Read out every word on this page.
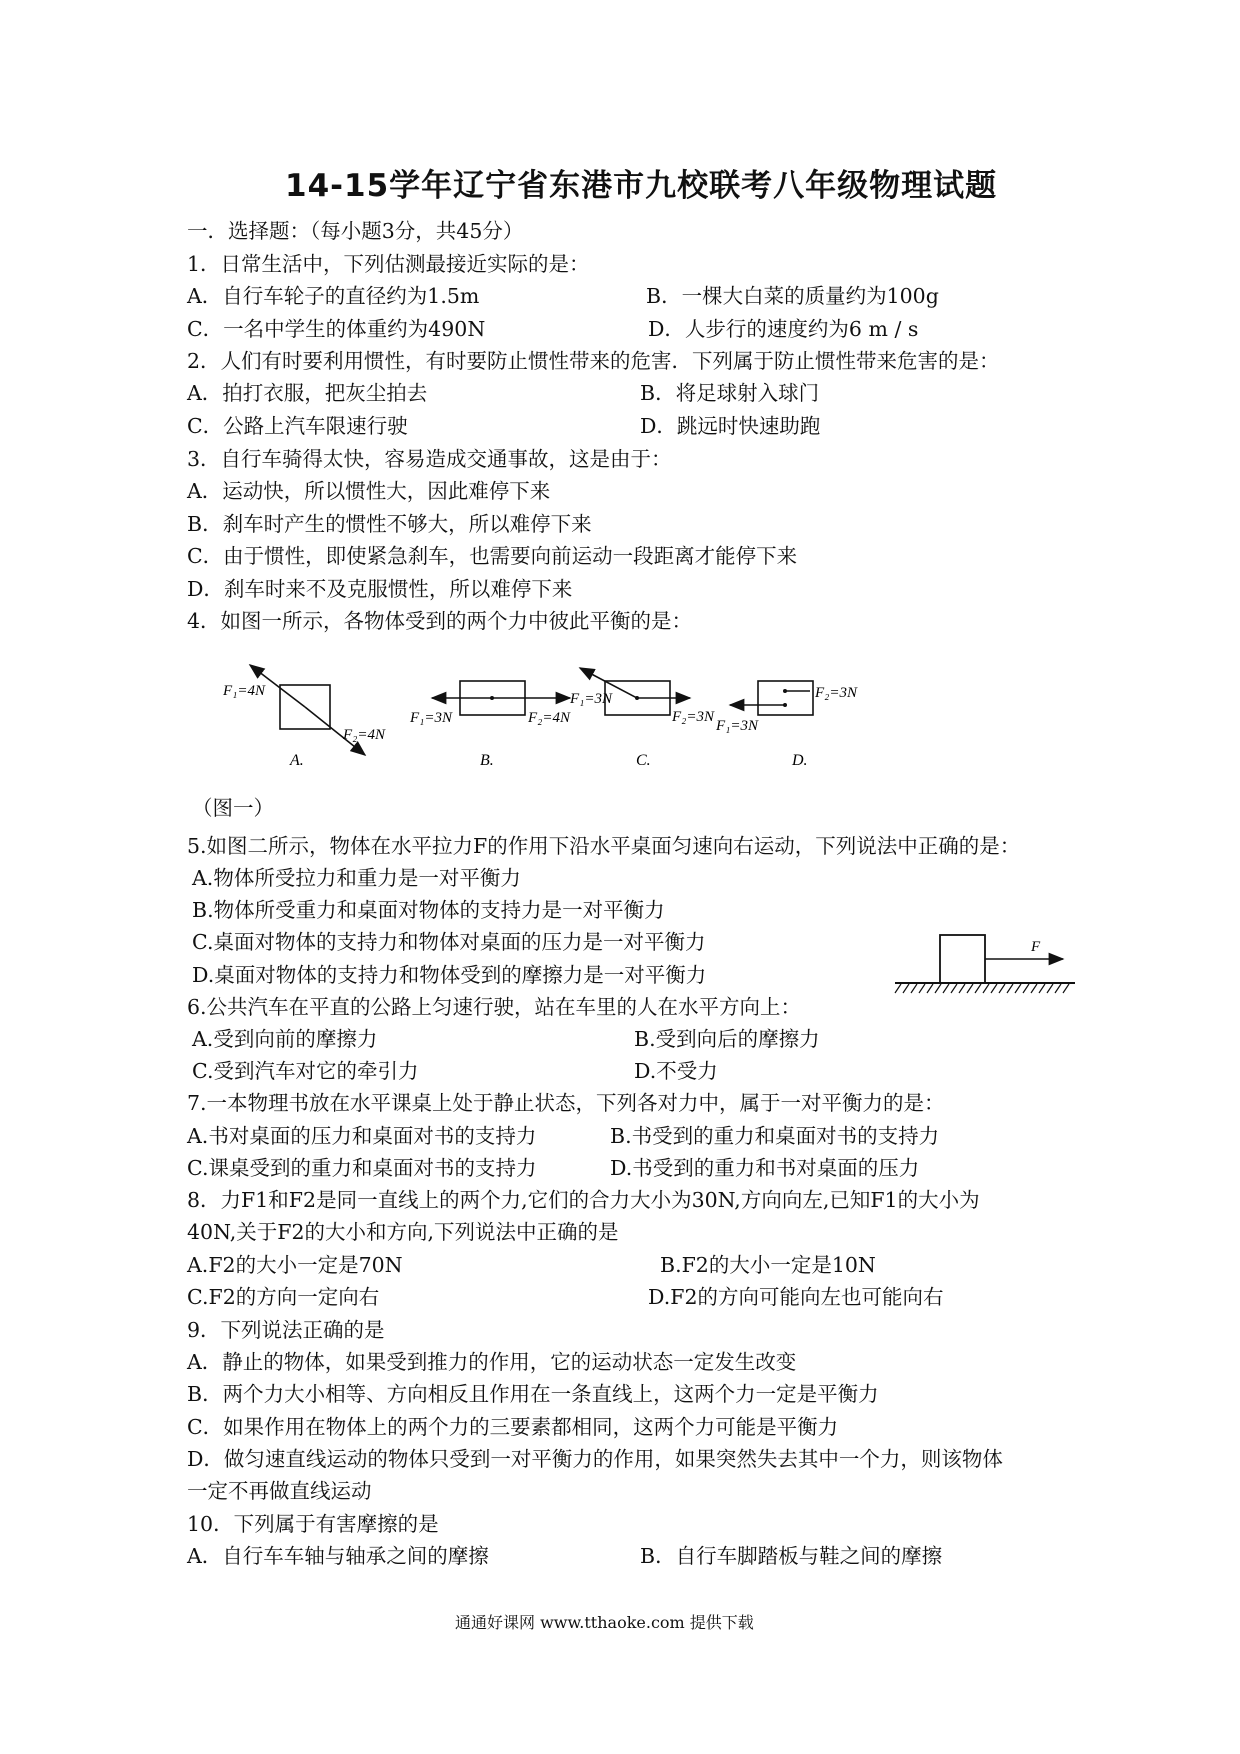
14-15学年辽宁省东港市九校联考八年级物理试题
一．选择题：（每小题3分，共45分）
1．日常生活中，下列估测最接近实际的是：
A．自行车轮子的直径约为1.5m	B．一棵大白菜的质量约为100g
C．一名中学生的体重约为490N	D．人步行的速度约为6 m / s
2．人们有时要利用惯性，有时要防止惯性带来的危害．下列属于防止惯性带来危害的是：
A．拍打衣服，把灰尘拍去	B．将足球射入球门
C．公路上汽车限速行驶	D．跳远时快速助跑
3．自行车骑得太快，容易造成交通事故，这是由于：
A．运动快，所以惯性大，因此难停下来
B．刹车时产生的惯性不够大，所以难停下来
C．由于惯性，即使紧急刹车，也需要向前运动一段距离才能停下来
D．刹车时来不及克服惯性，所以难停下来
4．如图一所示，各物体受到的两个力中彼此平衡的是：
F₁=4N
F₂=4N
A.
F₁=3N	F₂=4N
B.
F₁=3N
F₂=3N
C.
F₂=3N
F₁=3N
D.
（图一）
5.如图二所示，物体在水平拉力F的作用下沿水平桌面匀速向右运动，下列说法中正确的是：
A.物体所受拉力和重力是一对平衡力
B.物体所受重力和桌面对物体的支持力是一对平衡力
C.桌面对物体的支持力和物体对桌面的压力是一对平衡力
D.桌面对物体的支持力和物体受到的摩擦力是一对平衡力
F
6.公共汽车在平直的公路上匀速行驶，站在车里的人在水平方向上：
A.受到向前的摩擦力	B.受到向后的摩擦力
C.受到汽车对它的牵引力	D.不受力
7.一本物理书放在水平课桌上处于静止状态，下列各对力中，属于一对平衡力的是：
A.书对桌面的压力和桌面对书的支持力	B.书受到的重力和桌面对书的支持力
C.课桌受到的重力和桌面对书的支持力	D.书受到的重力和书对桌面的压力
8．力F1和F2是同一直线上的两个力,它们的合力大小为30N,方向向左,已知F1的大小为
40N,关于F2的大小和方向,下列说法中正确的是
A.F2的大小一定是70N	B.F2的大小一定是10N
C.F2的方向一定向右	D.F2的方向可能向左也可能向右
9．下列说法正确的是
A．静止的物体，如果受到推力的作用，它的运动状态一定发生改变
B．两个力大小相等、方向相反且作用在一条直线上，这两个力一定是平衡力
C．如果作用在物体上的两个力的三要素都相同，这两个力可能是平衡力
D．做匀速直线运动的物体只受到一对平衡力的作用，如果突然失去其中一个力，则该物体
一定不再做直线运动
10．下列属于有害摩擦的是
A．自行车车轴与轴承之间的摩擦	B．自行车脚踏板与鞋之间的摩擦
通通好课网 www.tthaoke.com 提供下载
